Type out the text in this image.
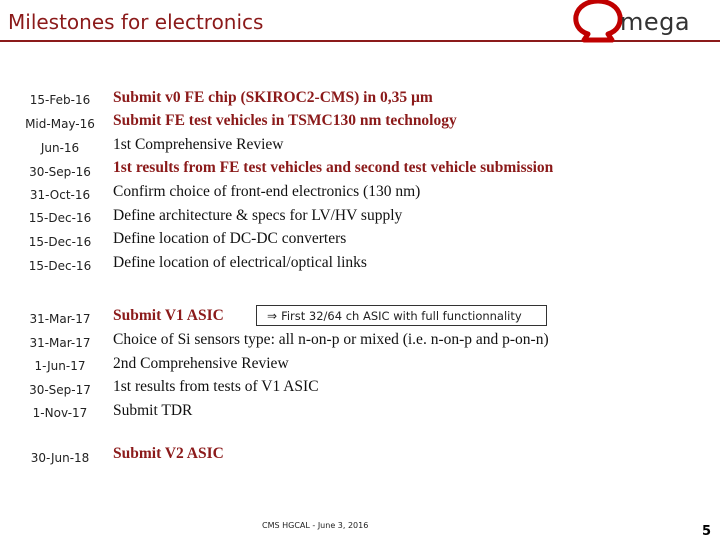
Milestones for electronics	mega
15-Feb-16
Mid-May-16
Jun-16
30-Sep-16
31-Oct-16
15-Dec-16
15-Dec-16
15-Dec-16
31-Mar-17
31-Mar-17
1-Jun-17
30-Sep-17
1-Nov-17
30-Jun-18
Submit v0 FE chip (SKIROC2-CMS) in 0,35 µm
Submit FE test vehicles in TSMC130 nm technology
1st Comprehensive Review
1st results from FE test vehicles and second test vehicle submission
Confirm choice of front-end electronics (130 nm)
Define architecture & specs for LV/HV supply
Define location of DC-DC converters
Define location of electrical/optical links
Submit V1 ASIC
Choice of Si sensors type: all n-on-p or mixed (i.e. n-on-p and p-on-n)
2nd Comprehensive Review
1st results from tests of V1 ASIC
Submit TDR
Submit V2 ASIC
⇒ First 32/64 ch ASIC with full functionnality
CMS HGCAL - June 3, 2016	5
